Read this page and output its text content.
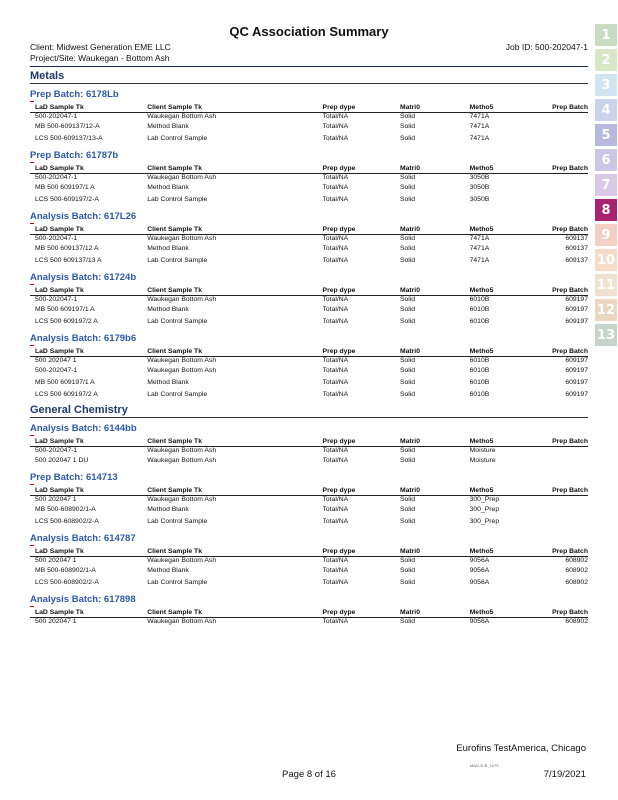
QC Association Summary
Client: Midwest Generation EME LLC	Job ID: 500-202047-1
Project/Site: Waukegan - Bottom Ash
Metals
Prep Batch: 6178Lb
LaD Sample Tk	Client Sample Tk	Prep dype	Matri0	Metho5	Prep Batch
500-202047-1	Waukegan Bottom Ash	Total/NA	Solid	7471A	
MB 500-609137/12-A	Method Blank	Total/NA	Solid	7471A	
LCS 500-609137/13-A	Lab Control Sample	Total/NA	Solid	7471A	
Prep Batch: 61787b
LaD Sample Tk	Client Sample Tk	Prep dype	Matri0	Metho5	Prep Batch
500-202047-1	Waukegan Bottom Ash	Total/NA	Solid	3050B	
MB 500 609197/1 A	Method Blank	Total/NA	Solid	3050B	
LCS 500-609197/2-A	Lab Control Sample	Total/NA	Solid	3050B	
Analysis Batch: 617L26
LaD Sample Tk	Client Sample Tk	Prep dype	Matri0	Metho5	Prep Batch
500-202047-1	Waukegan Bottom Ash	Total/NA	Solid	7471A	609137
MB 500 609137/12 A	Method Blank	Total/NA	Solid	7471A	609137
LCS 500 609137/13 A	Lab Control Sample	Total/NA	Solid	7471A	609137
Analysis Batch: 61724b
LaD Sample Tk	Client Sample Tk	Prep dype	Matri0	Metho5	Prep Batch
500-202047-1	Waukegan Bottom Ash	Total/NA	Solid	6010B	609197
MB 500 609197/1 A	Method Blank	Total/NA	Solid	6010B	609197
LCS 500 609197/2 A	Lab Control Sample	Total/NA	Solid	6010B	609197
Analysis Batch: 6179b6
LaD Sample Tk	Client Sample Tk	Prep dype	Matri0	Metho5	Prep Batch
500 202047 1	Waukegan Bottom Ash	Total/NA	Solid	6010B	609197
500-202047-1	Waukegan Bottom Ash	Total/NA	Solid	6010B	609197
MB 500 609197/1 A	Method Blank	Total/NA	Solid	6010B	609197
LCS 500 609197/2 A	Lab Control Sample	Total/NA	Solid	6010B	609197
General Chemistry
Analysis Batch: 6144bb
LaD Sample Tk	Client Sample Tk	Prep dype	Matri0	Metho5	Prep Batch
500-202047-1	Waukegan Bottom Ash	Total/NA	Solid	Moisture	
500 202047 1 DU	Waukegan Bottom Ash	Total/NA	Solid	Moisture	
Prep Batch: 614713
LaD Sample Tk	Client Sample Tk	Prep dype	Matri0	Metho5	Prep Batch
500 202047 1	Waukegan Bottom Ash	Total/NA	Solid	300_Prep	
MB 500-608902/1-A	Method Blank	Total/NA	Solid	300_Prep	
LCS 500-608902/2-A	Lab Control Sample	Total/NA	Solid	300_Prep	
Analysis Batch: 614787
LaD Sample Tk	Client Sample Tk	Prep dype	Matri0	Metho5	Prep Batch
500 202047 1	Waukegan Bottom Ash	Total/NA	Solid	9056A	608902
MB 500-608902/1-A	Method Blank	Total/NA	Solid	9056A	608902
LCS 500-608902/2-A	Lab Control Sample	Total/NA	Solid	9056A	608902
Analysis Batch: 617898
LaD Sample Tk	Client Sample Tk	Prep dype	Matri0	Metho5	Prep Batch
500 202047 1	Waukegan Bottom Ash	Total/NA	Solid	9056A	608902
1
2
3
4
5
6
7
8
9
10
11
12
13
Eurofins TestAmerica, Chicago
MAG-D-B_1079
Page 8 of 16	7/19/2021
